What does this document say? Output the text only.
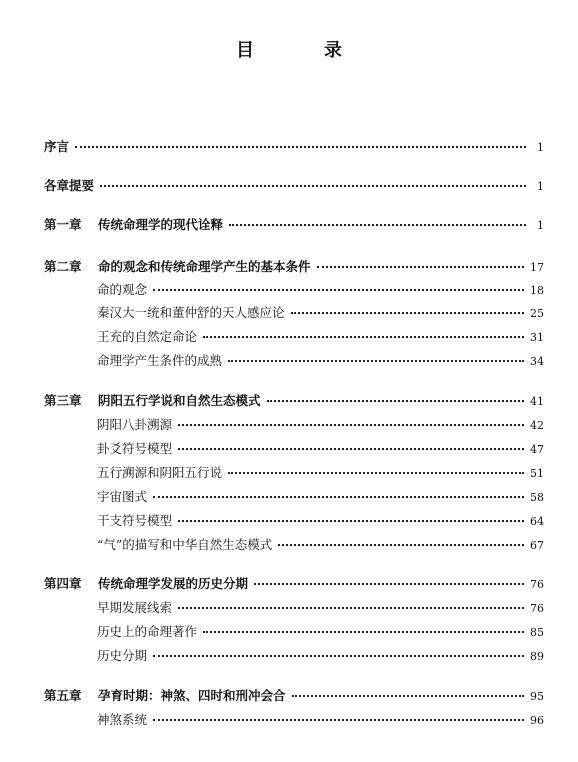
目　录
序言	1
各章提要	1
第一章	传统命理学的现代诠释	1
第二章	命的观念和传统命理学产生的基本条件	17
命的观念	18
秦汉大一统和董仲舒的天人感应论	25
王充的自然定命论	31
命理学产生条件的成熟	34
第三章	阴阳五行学说和自然生态模式	41
阴阳八卦溯源	42
卦爻符号模型	47
五行溯源和阴阳五行说	51
宇宙图式	58
干支符号模型	64
“气”的描写和中华自然生态模式	67
第四章	传统命理学发展的历史分期	76
早期发展线索	76
历史上的命理著作	85
历史分期	89
第五章	孕育时期：神煞、四时和刑冲会合	95
神煞系统	96
